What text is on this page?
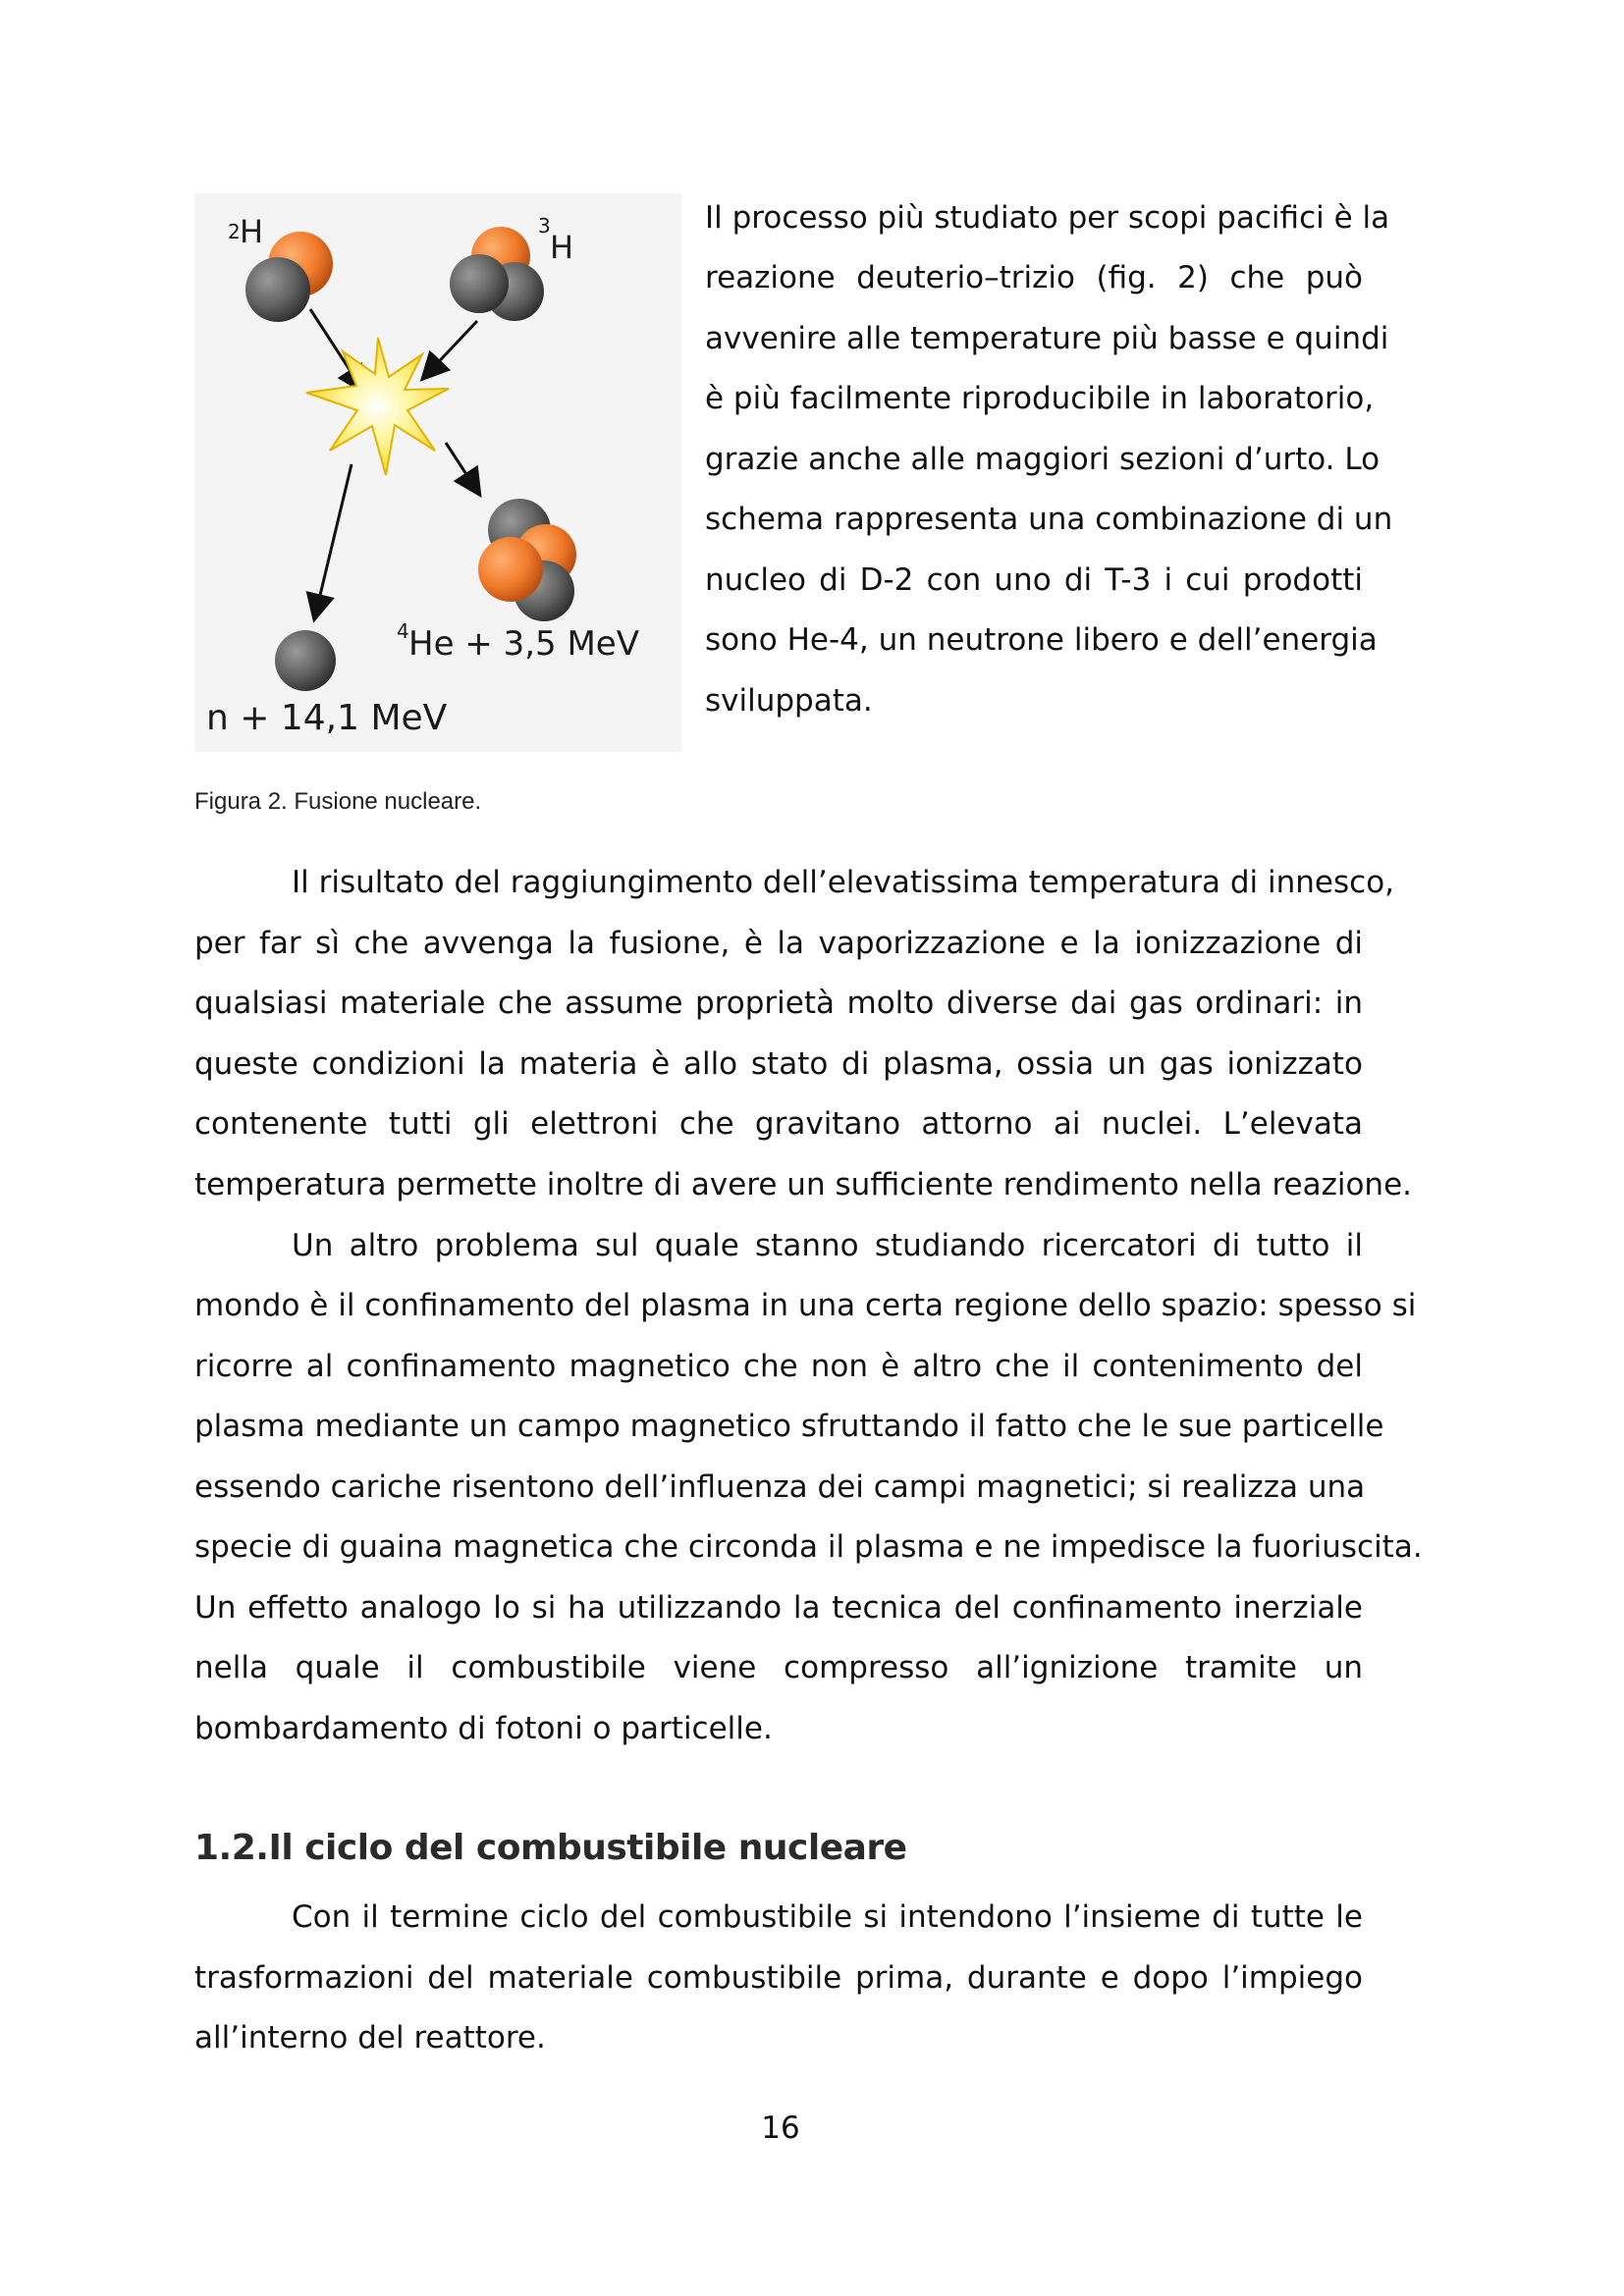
2 H	3
H
4 He + 3,5 MeV
n + 14,1 MeV
Figura 2. Fusione nucleare.
Il processo più studiato per scopi pacifici è la
reazione deuterio–trizio (fig. 2) che può
avvenire alle temperature più basse e quindi
è più facilmente riproducibile in laboratorio,
grazie anche alle maggiori sezioni d’urto. Lo
schema rappresenta una combinazione di un
nucleo di D-2 con uno di T-3 i cui prodotti
sono He-4, un neutrone libero e dell’energia
sviluppata.
Il risultato del raggiungimento dell’elevatissima temperatura di innesco,
per far sì che avvenga la fusione, è la vaporizzazione e la ionizzazione di
qualsiasi materiale che assume proprietà molto diverse dai gas ordinari: in
queste condizioni la materia è allo stato di plasma, ossia un gas ionizzato
contenente tutti gli elettroni che gravitano attorno ai nuclei. L’elevata
temperatura permette inoltre di avere un sufficiente rendimento nella reazione.
Un altro problema sul quale stanno studiando ricercatori di tutto il
mondo è il confinamento del plasma in una certa regione dello spazio: spesso si
ricorre al confinamento magnetico che non è altro che il contenimento del
plasma mediante un campo magnetico sfruttando il fatto che le sue particelle
essendo cariche risentono dell’influenza dei campi magnetici; si realizza una
specie di guaina magnetica che circonda il plasma e ne impedisce la fuoriuscita.
Un effetto analogo lo si ha utilizzando la tecnica del confinamento inerziale
nella quale il combustibile viene compresso all’ignizione tramite un
bombardamento di fotoni o particelle.
1.2.Il ciclo del combustibile nucleare
Con il termine ciclo del combustibile si intendono l’insieme di tutte le
trasformazioni del materiale combustibile prima, durante e dopo l’impiego
all’interno del reattore.
16
